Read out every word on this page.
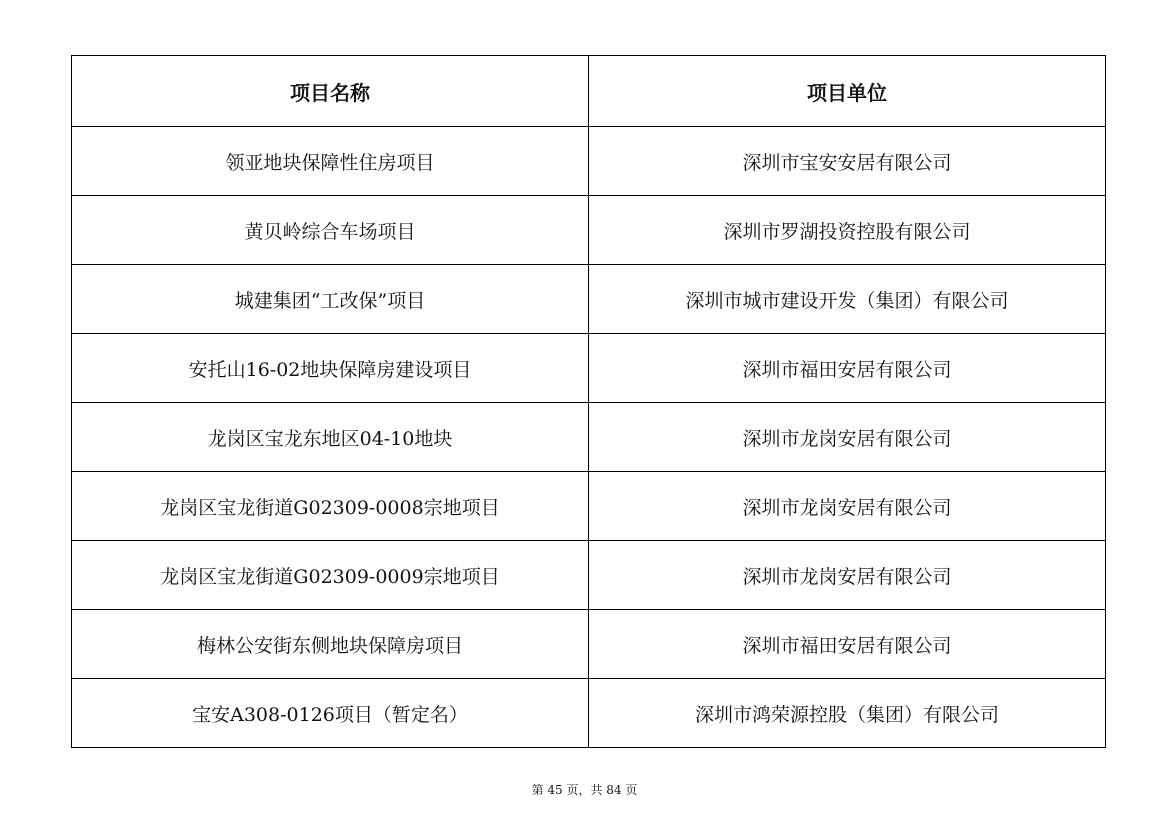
项目名称	项目单位
领亚地块保障性住房项目	深圳市宝安安居有限公司
黄贝岭综合车场项目	深圳市罗湖投资控股有限公司
城建集团“工改保”项目	深圳市城市建设开发（集团）有限公司
安托山16-02地块保障房建设项目	深圳市福田安居有限公司
龙岗区宝龙东地区04-10地块	深圳市龙岗安居有限公司
龙岗区宝龙街道G02309-0008宗地项目	深圳市龙岗安居有限公司
龙岗区宝龙街道G02309-0009宗地项目	深圳市龙岗安居有限公司
梅林公安街东侧地块保障房项目	深圳市福田安居有限公司
宝安A308-0126项目（暂定名）	深圳市鸿荣源控股（集团）有限公司
第 45 页，共 84 页
